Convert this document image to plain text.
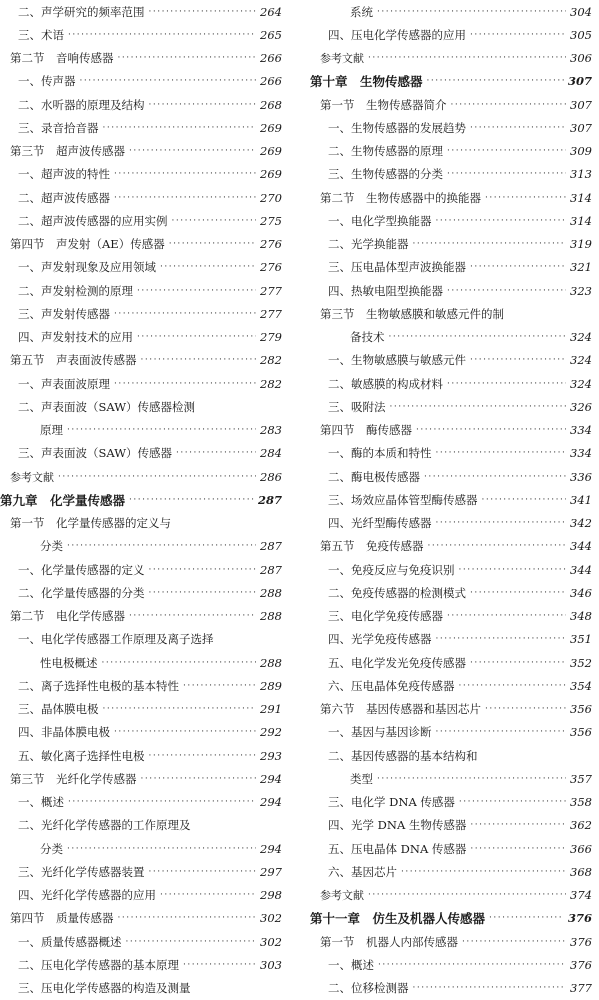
二、声学研究的频率范围 ·····	264
三、术语 ·····	265
第二节　音响传感器 ·····	266
一、传声器 ·····	266
二、水听器的原理及结构 ·····	268
三、录音拾音器 ·····	269
第三节　超声波传感器 ·····	269
一、超声波的特性 ·····	269
二、超声波传感器 ·····	270
二、超声波传感器的应用实例 ·····	275
第四节　声发射（AE）传感器 ·····	276
一、声发射现象及应用领域 ·····	276
二、声发射检测的原理 ·····	277
三、声发射传感器 ·····	277
四、声发射技术的应用 ·····	279
第五节　声表面波传感器 ·····	282
一、声表面波原理 ·····	282
二、声表面波（SAW）传感器检测
原理 ·····	283
三、声表面波（SAW）传感器 ·····	284
参考文献 ·····	286
第九章　化学量传感器 ·····	287
第一节　化学量传感器的定义与
分类 ·····	287
一、化学量传感器的定义 ·····	287
二、化学量传感器的分类 ·····	288
第二节　电化学传感器 ·····	288
一、电化学传感器工作原理及离子选择
性电极概述 ·····	288
二、离子选择性电极的基本特性 ·····	289
三、晶体膜电极 ·····	291
四、非晶体膜电极 ·····	292
五、敏化离子选择性电极 ·····	293
第三节　光纤化学传感器 ·····	294
一、概述 ·····	294
二、光纤化学传感器的工作原理及
分类 ·····	294
三、光纤化学传感器装置 ·····	297
四、光纤化学传感器的应用 ·····	298
第四节　质量传感器 ·····	302
一、质量传感器概述 ·····	302
二、压电化学传感器的基本原理 ·····	303
三、压电化学传感器的构造及测量
系统 ·····	304
四、压电化学传感器的应用 ·····	305
参考文献 ·····	306
第十章　生物传感器 ·····	307
第一节　生物传感器简介 ·····	307
一、生物传感器的发展趋势 ·····	307
二、生物传感器的原理 ·····	309
三、生物传感器的分类 ·····	313
第二节　生物传感器中的换能器 ·····	314
一、电化学型换能器 ·····	314
二、光学换能器 ·····	319
三、压电晶体型声波换能器 ·····	321
四、热敏电阻型换能器 ·····	323
第三节　生物敏感膜和敏感元件的制
备技术 ·····	324
一、生物敏感膜与敏感元件 ·····	324
二、敏感膜的构成材料 ·····	324
三、吸附法 ·····	326
第四节　酶传感器 ·····	334
一、酶的本质和特性 ·····	334
二、酶电极传感器 ·····	336
三、场效应晶体管型酶传感器 ·····	341
四、光纤型酶传感器 ·····	342
第五节　免疫传感器 ·····	344
一、免疫反应与免疫识别 ·····	344
二、免疫传感器的检测模式 ·····	346
三、电化学免疫传感器 ·····	348
四、光学免疫传感器 ·····	351
五、电化学发光免疫传感器 ·····	352
六、压电晶体免疫传感器 ·····	354
第六节　基因传感器和基因芯片 ·····	356
一、基因与基因诊断 ·····	356
二、基因传感器的基本结构和
类型 ·····	357
三、电化学 DNA 传感器 ·····	358
四、光学 DNA 生物传感器 ·····	362
五、压电晶体 DNA 传感器 ·····	366
六、基因芯片 ·····	368
参考文献 ·····	374
第十一章　仿生及机器人传感器 ·····	376
第一节　机器人内部传感器 ·····	376
一、概述 ·····	376
二、位移检测器 ·····	377
